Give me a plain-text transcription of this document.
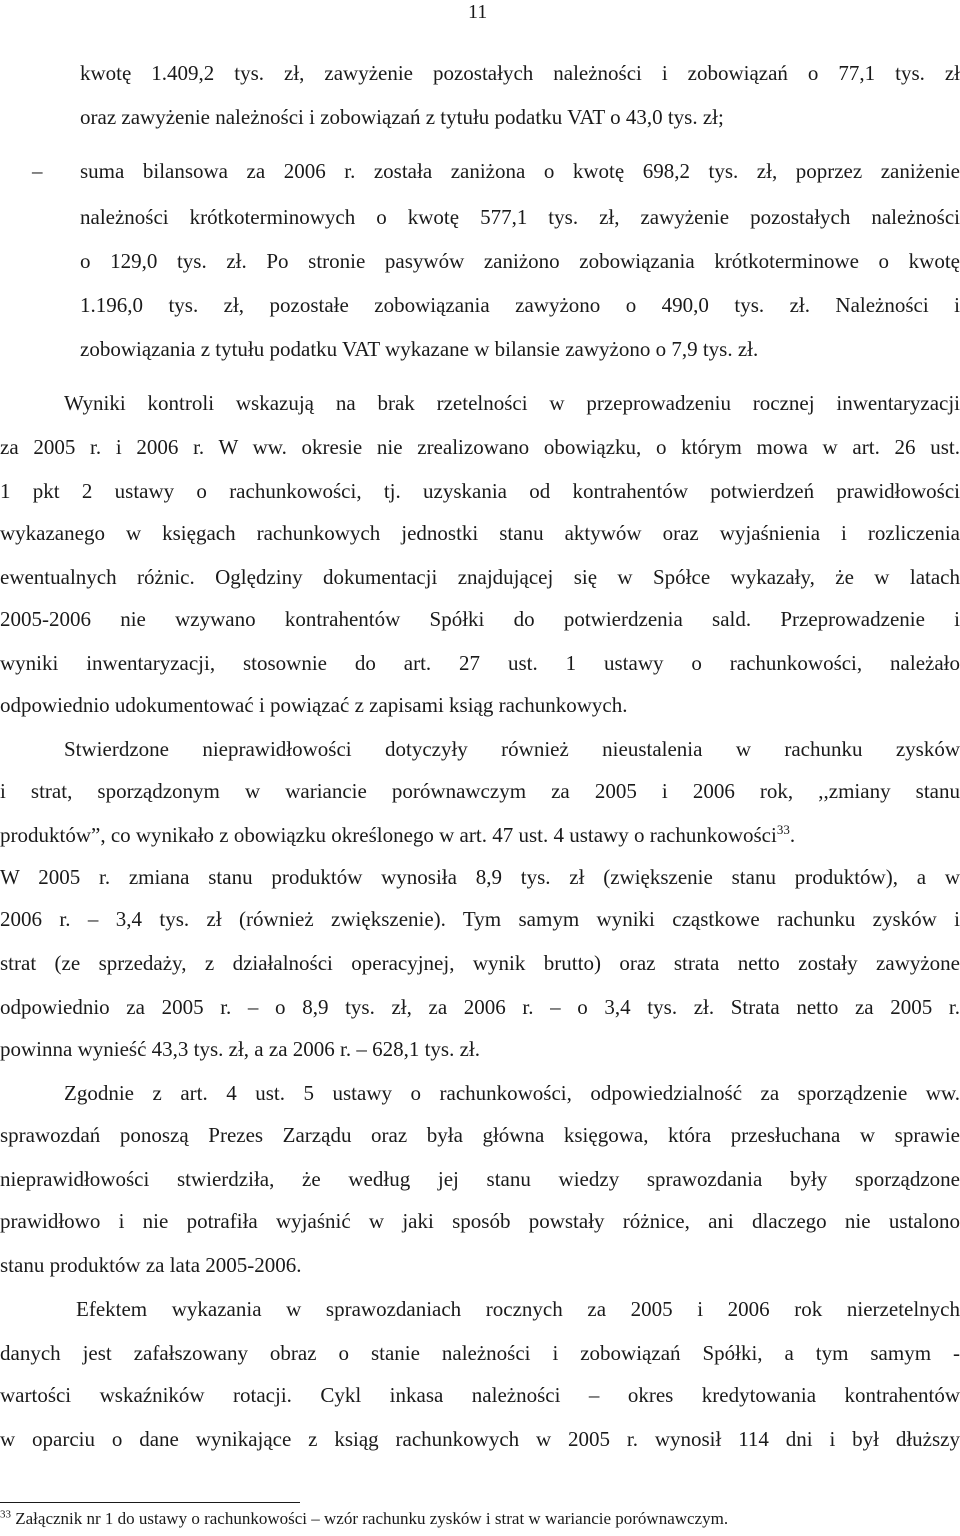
11
kwotę 1.409,2 tys. zł, zawyżenie pozostałych należności i zobowiązań o 77,1 tys. zł
oraz zawyżenie należności i zobowiązań z tytułu podatku VAT o 43,0 tys. zł;
– suma bilansowa za 2006 r. została zaniżona o kwotę 698,2 tys. zł, poprzez zaniżenie
należności krótkoterminowych o kwotę 577,1 tys. zł, zawyżenie pozostałych należności
o 129,0 tys. zł. Po stronie pasywów zaniżono zobowiązania krótkoterminowe o kwotę
1.196,0 tys. zł, pozostałe zobowiązania zawyżono o 490,0 tys. zł. Należności i
zobowiązania z tytułu podatku VAT wykazane w bilansie zawyżono o 7,9 tys. zł.
Wyniki kontroli wskazują na brak rzetelności w przeprowadzeniu rocznej inwentaryzacji
za 2005 r. i 2006 r. W ww. okresie nie zrealizowano obowiązku, o którym mowa w art. 26 ust.
1 pkt 2 ustawy o rachunkowości, tj. uzyskania od kontrahentów potwierdzeń prawidłowości
wykazanego w księgach rachunkowych jednostki stanu aktywów oraz wyjaśnienia i rozliczenia
ewentualnych różnic. Oględziny dokumentacji znajdującej się w Spółce wykazały, że w latach
2005-2006 nie wzywano kontrahentów Spółki do potwierdzenia sald. Przeprowadzenie i
wyniki inwentaryzacji, stosownie do art. 27 ust. 1 ustawy o rachunkowości, należało
odpowiednio udokumentować i powiązać z zapisami ksiąg rachunkowych.
Stwierdzone nieprawidłowości dotyczyły również nieustalenia w rachunku zysków
i strat, sporządzonym w wariancie porównawczym za 2005 i 2006 rok, ,,zmiany stanu
produktów”, co wynikało z obowiązku określonego w art. 47 ust. 4 ustawy o rachunkowości$^{33}$.
W 2005 r. zmiana stanu produktów wynosiła 8,9 tys. zł (zwiększenie stanu produktów), a w
2006 r. – 3,4 tys. zł (również zwiększenie). Tym samym wyniki cząstkowe rachunku zysków i
strat (ze sprzedaży, z działalności operacyjnej, wynik brutto) oraz strata netto zostały zawyżone
odpowiednio za 2005 r. – o 8,9 tys. zł, za 2006 r. – o 3,4 tys. zł. Strata netto za 2005 r.
powinna wynieść 43,3 tys. zł, a za 2006 r. – 628,1 tys. zł.
Zgodnie z art. 4 ust. 5 ustawy o rachunkowości, odpowiedzialność za sporządzenie ww.
sprawozdań ponoszą Prezes Zarządu oraz była główna księgowa, która przesłuchana w sprawie
nieprawidłowości stwierdziła, że według jej stanu wiedzy sprawozdania były sporządzone
prawidłowo i nie potrafiła wyjaśnić w jaki sposób powstały różnice, ani dlaczego nie ustalono
stanu produktów za lata 2005-2006.
Efektem wykazania w sprawozdaniach rocznych za 2005 i 2006 rok nierzetelnych
danych jest zafałszowany obraz o stanie należności i zobowiązań Spółki, a tym samym -
wartości wskaźników rotacji. Cykl inkasa należności – okres kredytowania kontrahentów
w oparciu o dane wynikające z ksiąg rachunkowych w 2005 r. wynosił 114 dni i był dłuższy
$^{33}$ Załącznik nr 1 do ustawy o rachunkowości – wzór rachunku zysków i strat w wariancie porównawczym.
